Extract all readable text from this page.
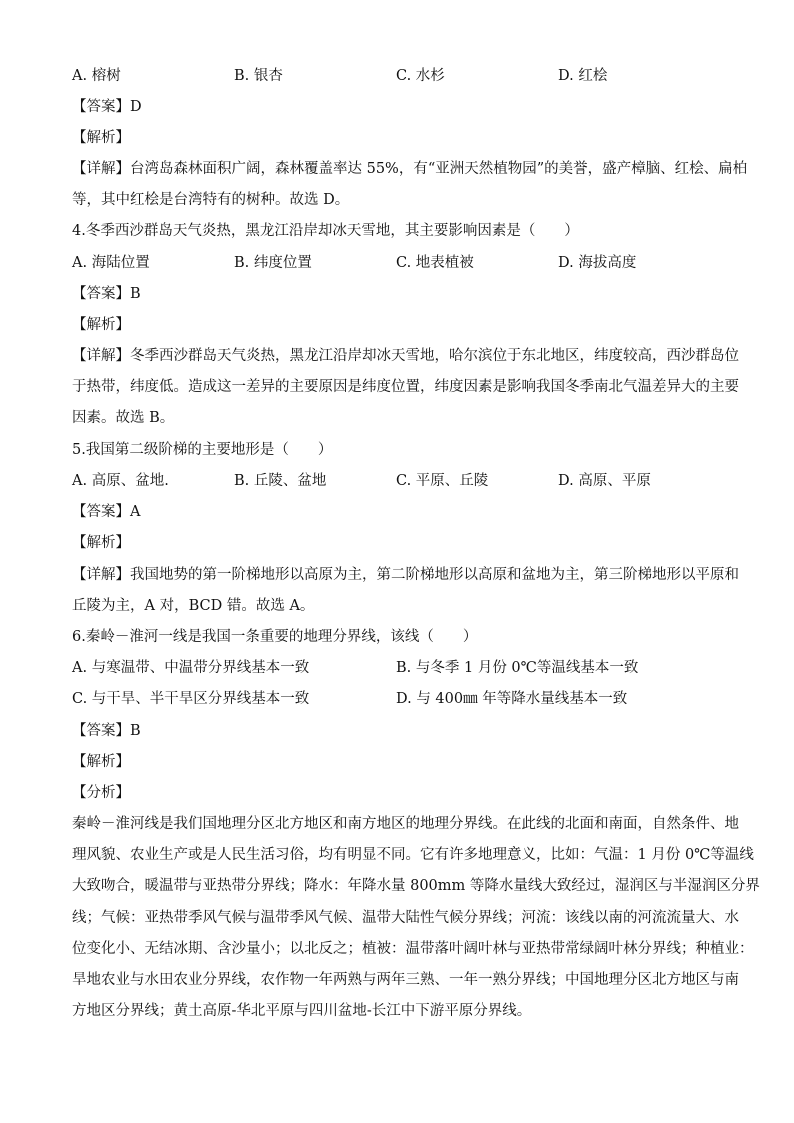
A. 榕树	B. 银杏	C. 水杉	D. 红桧
【答案】D
【解析】
【详解】台湾岛森林面积广阔，森林覆盖率达 55%，有“亚洲天然植物园”的美誉，盛产樟脑、红桧、扁柏
等，其中红桧是台湾特有的树种。故选 D。
4.冬季西沙群岛天气炎热，黑龙江沿岸却冰天雪地，其主要影响因素是（　　）
A. 海陆位置	B. 纬度位置	C. 地表植被	D. 海拔高度
【答案】B
【解析】
【详解】冬季西沙群岛天气炎热，黑龙江沿岸却冰天雪地，哈尔滨位于东北地区，纬度较高，西沙群岛位
于热带，纬度低。造成这一差异的主要原因是纬度位置，纬度因素是影响我国冬季南北气温差异大的主要
因素。故选 B。
5.我国第二级阶梯的主要地形是（　　）
A. 高原、盆地.	B. 丘陵、盆地	C. 平原、丘陵	D. 高原、平原
【答案】A
【解析】
【详解】我国地势的第一阶梯地形以高原为主，第二阶梯地形以高原和盆地为主，第三阶梯地形以平原和
丘陵为主，A 对，BCD 错。故选 A。
6.秦岭－淮河一线是我国一条重要的地理分界线，该线（　　）
A. 与寒温带、中温带分界线基本一致	B. 与冬季 1 月份 0℃等温线基本一致
C. 与干旱、半干旱区分界线基本一致	D. 与 400㎜ 年等降水量线基本一致
【答案】B
【解析】
【分析】
秦岭－淮河线是我们国地理分区北方地区和南方地区的地理分界线。在此线的北面和南面，自然条件、地
理风貌、农业生产或是人民生活习俗，均有明显不同。它有许多地理意义，比如：气温：1 月份 0℃等温线
大致吻合，暖温带与亚热带分界线；降水：年降水量 800mm 等降水量线大致经过，湿润区与半湿润区分界
线；气候：亚热带季风气候与温带季风气候、温带大陆性气候分界线；河流：该线以南的河流流量大、水
位变化小、无结冰期、含沙量小；以北反之；植被：温带落叶阔叶林与亚热带常绿阔叶林分界线；种植业：
旱地农业与水田农业分界线，农作物一年两熟与两年三熟、一年一熟分界线；中国地理分区北方地区与南
方地区分界线；黄土高原-华北平原与四川盆地-长江中下游平原分界线。
